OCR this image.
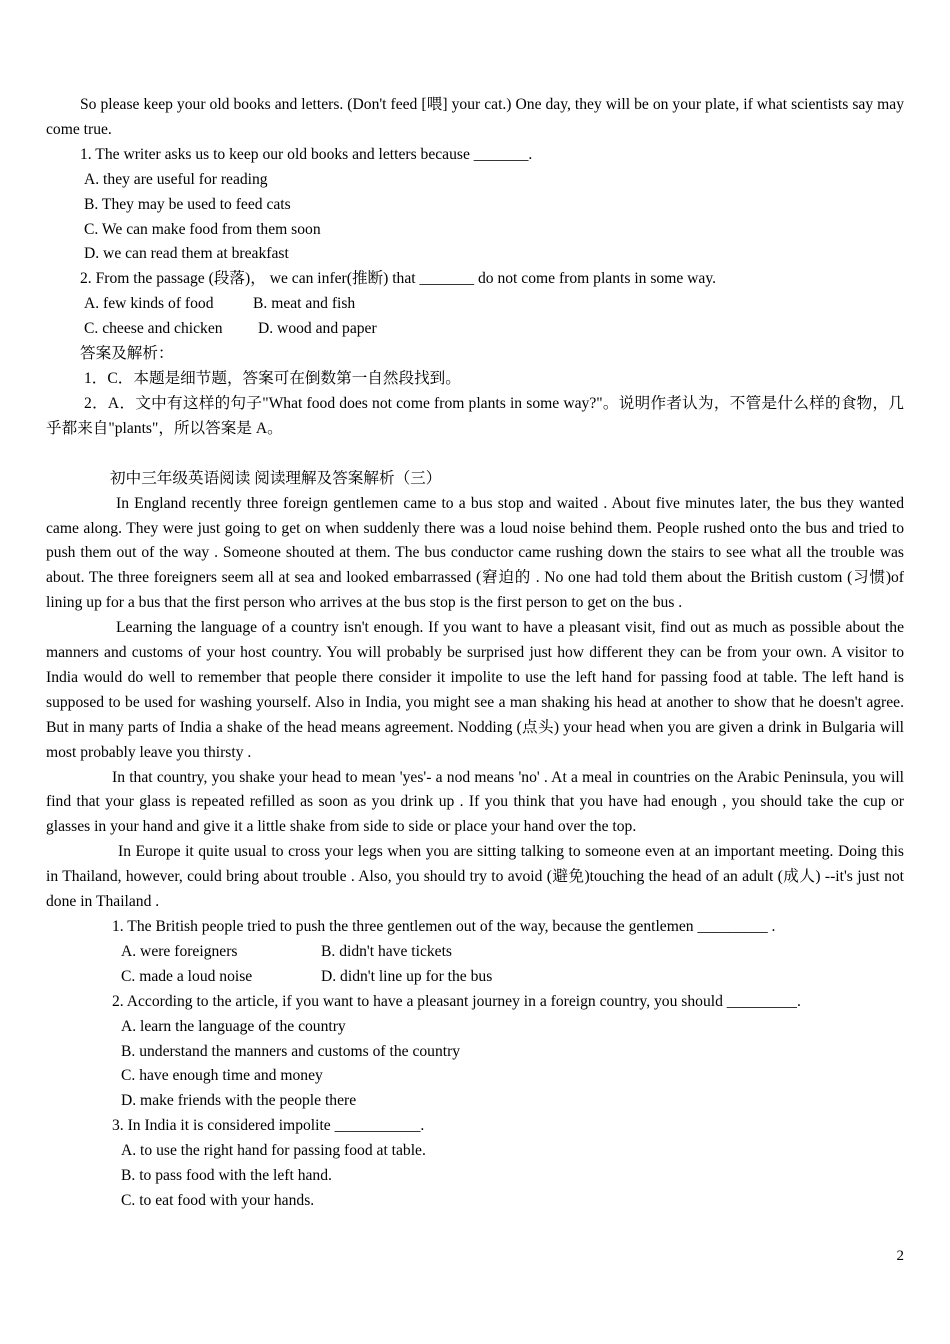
So please keep your old books and letters. (Don't feed [喂] your cat.) One day, they will be on your plate, if what scientists say may come true.

1. The writer asks us to keep our old books and letters because _______.

A. they are useful for reading

B. They may be used to feed cats

C. We can make food from them soon

D. we can read them at breakfast

2. From the passage (段落)， we can infer(推断) that _______ do not come from plants in some way.

A. few kinds of food	B. meat and fish
C. cheese and chicken D. wood and paper

答案及解析：

1．C．本题是细节题，答案可在倒数第一自然段找到。

2．A．文中有这样的句子"What food does not come from plants in some way?"。说明作者认为，不管是什么样的食物，几乎都来自"plants"，所以答案是 A。

初中三年级英语阅读 阅读理解及答案解析（三）

In England recently three foreign gentlemen came to a bus stop and waited . About five minutes later, the bus they wanted came along. They were just going to get on when suddenly there was a loud noise behind them. People rushed onto the bus and tried to push them out of the way . Someone shouted at them. The bus conductor came rushing down the stairs to see what all the trouble was about. The three foreigners seem all at sea and looked embarrassed (窘迫的 . No one had told them about the British custom (习惯)of lining up for a bus that the first person who arrives at the bus stop is the first person to get on the bus .

Learning the language of a country isn't enough. If you want to have a pleasant visit, find out as much as possible about the manners and customs of your host country. You will probably be surprised just how different they can be from your own. A visitor to India would do well to remember that people there consider it impolite to use the left hand for passing food at table. The left hand is supposed to be used for washing yourself. Also in India, you might see a man shaking his head at another to show that he doesn't agree. But in many parts of India a shake of the head means agreement. Nodding (点头) your head when you are given a drink in Bulgaria will most probably leave you thirsty .

In that country, you shake your head to mean 'yes'- a nod means 'no' . At a meal in countries on the Arabic Peninsula, you will find that your glass is repeated refilled as soon as you drink up . If you think that you have had enough , you should take the cup or glasses in your hand and give it a little shake from side to side or place your hand over the top.

In Europe it quite usual to cross your legs when you are sitting talking to someone even at an important meeting. Doing this in Thailand, however, could bring about trouble . Also, you should try to avoid (避免)touching the head of an adult (成人) --it's just not done in Thailand .

1. The British people tried to push the three gentlemen out of the way, because the gentlemen _________ .

A. were foreigners	B. didn't have tickets
C. made a loud noise	D. didn't line up for the bus

2. According to the article, if you want to have a pleasant journey in a foreign country, you should _________.

A. learn the language of the country

B. understand the manners and customs of the country

C. have enough time and money

D. make friends with the people there

3. In India it is considered impolite ___________.

A. to use the right hand for passing food at table.

B. to pass food with the left hand.

C. to eat food with your hands.

2
